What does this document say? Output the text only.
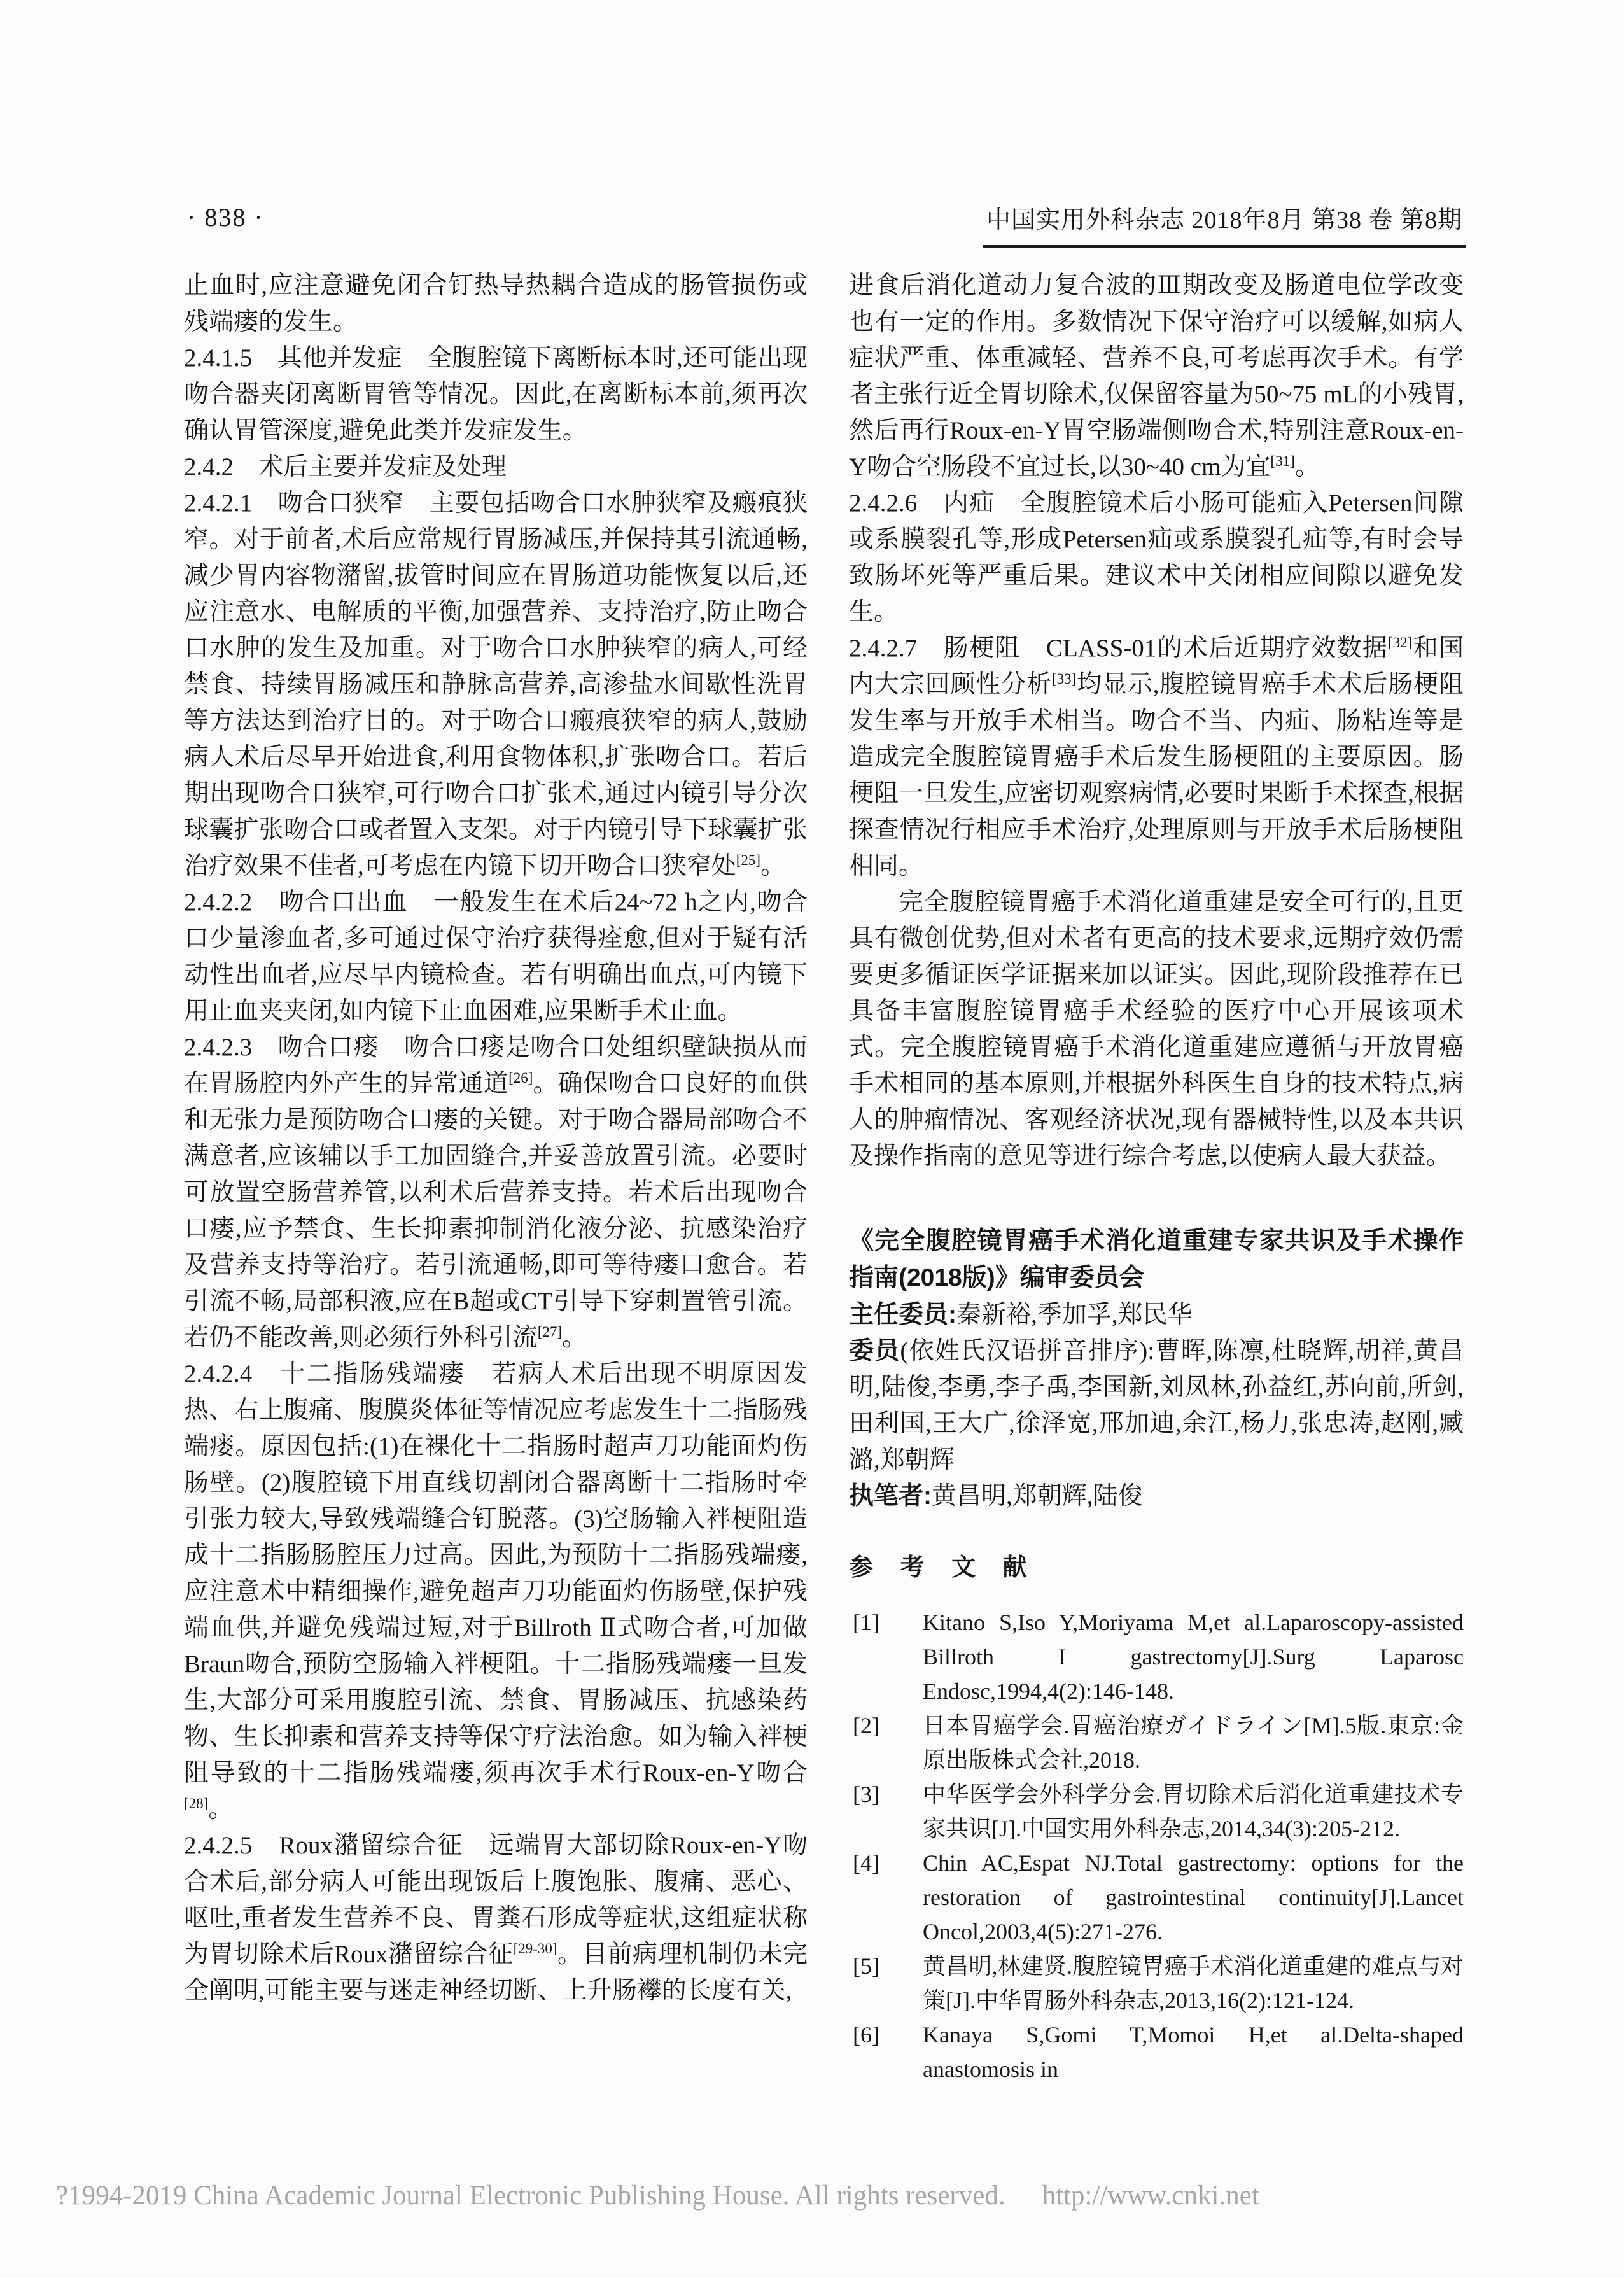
· 838 ·	中国实用外科杂志 2018年8月 第38 卷 第8期

止血时,应注意避免闭合钉热导热耦合造成的肠管损伤或残端瘘的发生。

2.4.1.5　其他并发症　全腹腔镜下离断标本时,还可能出现吻合器夹闭离断胃管等情况。因此,在离断标本前,须再次确认胃管深度,避免此类并发症发生。

2.4.2　术后主要并发症及处理

2.4.2.1　吻合口狭窄　主要包括吻合口水肿狭窄及瘢痕狭窄。对于前者,术后应常规行胃肠减压,并保持其引流通畅,减少胃内容物潴留,拔管时间应在胃肠道功能恢复以后,还应注意水、电解质的平衡,加强营养、支持治疗,防止吻合口水肿的发生及加重。对于吻合口水肿狭窄的病人,可经禁食、持续胃肠减压和静脉高营养,高渗盐水间歇性洗胃等方法达到治疗目的。对于吻合口瘢痕狭窄的病人,鼓励病人术后尽早开始进食,利用食物体积,扩张吻合口。若后期出现吻合口狭窄,可行吻合口扩张术,通过内镜引导分次球囊扩张吻合口或者置入支架。对于内镜引导下球囊扩张治疗效果不佳者,可考虑在内镜下切开吻合口狭窄处[25]。

2.4.2.2　吻合口出血　一般发生在术后24~72 h之内,吻合口少量渗血者,多可通过保守治疗获得痊愈,但对于疑有活动性出血者,应尽早内镜检查。若有明确出血点,可内镜下用止血夹夹闭,如内镜下止血困难,应果断手术止血。

2.4.2.3　吻合口瘘　吻合口瘘是吻合口处组织壁缺损从而在胃肠腔内外产生的异常通道[26]。确保吻合口良好的血供和无张力是预防吻合口瘘的关键。对于吻合器局部吻合不满意者,应该辅以手工加固缝合,并妥善放置引流。必要时可放置空肠营养管,以利术后营养支持。若术后出现吻合口瘘,应予禁食、生长抑素抑制消化液分泌、抗感染治疗及营养支持等治疗。若引流通畅,即可等待瘘口愈合。若引流不畅,局部积液,应在B超或CT引导下穿刺置管引流。若仍不能改善,则必须行外科引流[27]。

2.4.2.4　十二指肠残端瘘　若病人术后出现不明原因发热、右上腹痛、腹膜炎体征等情况应考虑发生十二指肠残端瘘。原因包括:(1)在裸化十二指肠时超声刀功能面灼伤肠壁。(2)腹腔镜下用直线切割闭合器离断十二指肠时牵引张力较大,导致残端缝合钉脱落。(3)空肠输入袢梗阻造成十二指肠肠腔压力过高。因此,为预防十二指肠残端瘘,应注意术中精细操作,避免超声刀功能面灼伤肠壁,保护残端血供,并避免残端过短,对于Billroth Ⅱ式吻合者,可加做Braun吻合,预防空肠输入袢梗阻。十二指肠残端瘘一旦发生,大部分可采用腹腔引流、禁食、胃肠减压、抗感染药物、生长抑素和营养支持等保守疗法治愈。如为输入袢梗阻导致的十二指肠残端瘘,须再次手术行Roux-en-Y吻合[28]。

2.4.2.5　Roux潴留综合征　远端胃大部切除Roux-en-Y吻合术后,部分病人可能出现饭后上腹饱胀、腹痛、恶心、呕吐,重者发生营养不良、胃粪石形成等症状,这组症状称为胃切除术后Roux潴留综合征[29-30]。目前病理机制仍未完全阐明,可能主要与迷走神经切断、上升肠襻的长度有关,

进食后消化道动力复合波的Ⅲ期改变及肠道电位学改变也有一定的作用。多数情况下保守治疗可以缓解,如病人症状严重、体重减轻、营养不良,可考虑再次手术。有学者主张行近全胃切除术,仅保留容量为50~75 mL的小残胃,然后再行Roux-en-Y胃空肠端侧吻合术,特别注意Roux-en-Y吻合空肠段不宜过长,以30~40 cm为宜[31]。

2.4.2.6　内疝　全腹腔镜术后小肠可能疝入Petersen间隙或系膜裂孔等,形成Petersen疝或系膜裂孔疝等,有时会导致肠坏死等严重后果。建议术中关闭相应间隙以避免发生。

2.4.2.7　肠梗阻　CLASS-01的术后近期疗效数据[32]和国内大宗回顾性分析[33]均显示,腹腔镜胃癌手术术后肠梗阻发生率与开放手术相当。吻合不当、内疝、肠粘连等是造成完全腹腔镜胃癌手术后发生肠梗阻的主要原因。肠梗阻一旦发生,应密切观察病情,必要时果断手术探查,根据探查情况行相应手术治疗,处理原则与开放手术后肠梗阻相同。

完全腹腔镜胃癌手术消化道重建是安全可行的,且更具有微创优势,但对术者有更高的技术要求,远期疗效仍需要更多循证医学证据来加以证实。因此,现阶段推荐在已具备丰富腹腔镜胃癌手术经验的医疗中心开展该项术式。完全腹腔镜胃癌手术消化道重建应遵循与开放胃癌手术相同的基本原则,并根据外科医生自身的技术特点,病人的肿瘤情况、客观经济状况,现有器械特性,以及本共识及操作指南的意见等进行综合考虑,以使病人最大获益。

《完全腹腔镜胃癌手术消化道重建专家共识及手术操作指南(2018版)》编审委员会

主任委员:秦新裕,季加孚,郑民华

委员(依姓氏汉语拼音排序):曹晖,陈凛,杜晓辉,胡祥,黄昌明,陆俊,李勇,李子禹,李国新,刘凤林,孙益红,苏向前,所剑,田利国,王大广,徐泽宽,邢加迪,余江,杨力,张忠涛,赵刚,臧潞,郑朝辉

执笔者:黄昌明,郑朝辉,陆俊

参 考 文 献

[1] Kitano S,Iso Y,Moriyama M,et al.Laparoscopy-assisted Billroth I gastrectomy[J].Surg Laparosc Endosc,1994,4(2):146-148.
[2] 日本胃癌学会.胃癌治療ガイドライン[M].5版.東京:金原出版株式会社,2018.
[3] 中华医学会外科学分会.胃切除术后消化道重建技术专家共识[J].中国实用外科杂志,2014,34(3):205-212.
[4] Chin AC,Espat NJ.Total gastrectomy: options for the restoration of gastrointestinal continuity[J].Lancet Oncol,2003,4(5):271-276.
[5] 黄昌明,林建贤.腹腔镜胃癌手术消化道重建的难点与对策[J].中华胃肠外科杂志,2013,16(2):121-124.
[6] Kanaya S,Gomi T,Momoi H,et al.Delta-shaped anastomosis in
?1994-2019 China Academic Journal Electronic Publishing House. All rights reserved. http://www.cnki.net
